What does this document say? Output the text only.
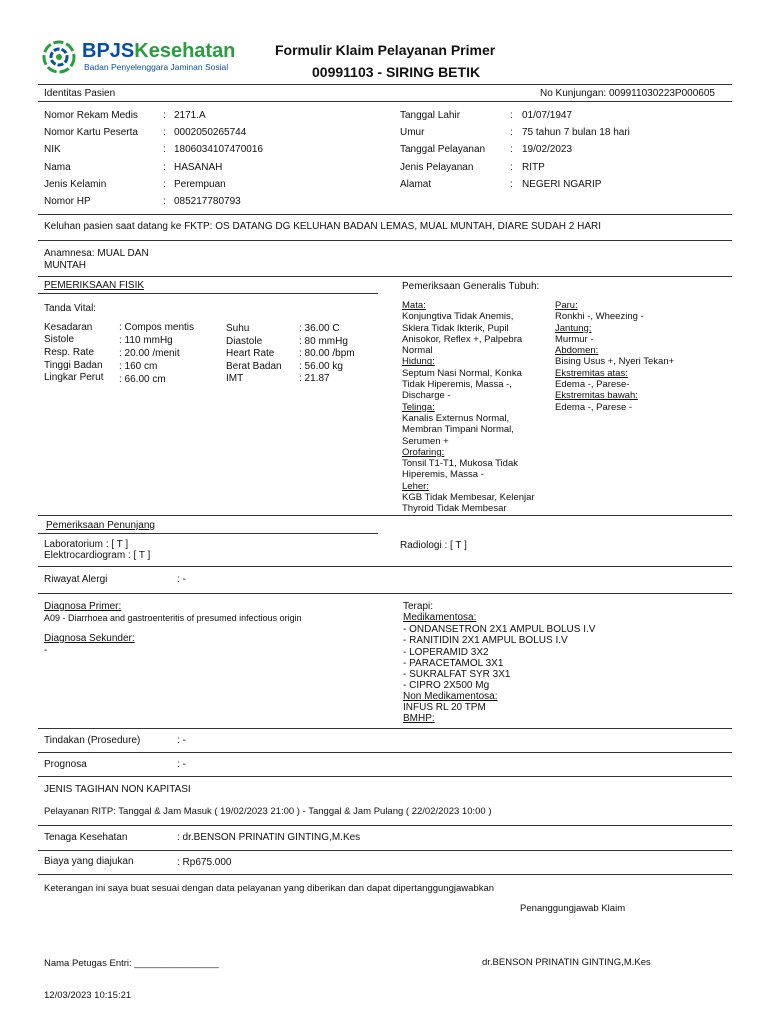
BPJSKesehatan
Badan Penyelenggara Jaminan Sosial
Formulir Klaim Pelayanan Primer
00991103 - SIRING BETIK
Identitas Pasien	No Kunjungan: 009911030223P000605
Nomor Rekam Medis	: 2171.A
Nomor Kartu Peserta	: 0002050265744
NIK	: 1806034107470016
Nama	: HASANAH
Jenis Kelamin	: Perempuan
Nomor HP	: 085217780793
Tanggal Lahir	: 01/07/1947
Umur	: 75 tahun 7 bulan 18 hari
Tanggal Pelayanan : 19/02/2023
Jenis Pelayanan	: RITP
Alamat	: NEGERI NGARIP
Keluhan pasien saat datang ke FKTP: OS DATANG DG KELUHAN BADAN LEMAS, MUAL MUNTAH, DIARE SUDAH 2 HARI
Anamnesa: MUAL DAN
MUNTAH
PEMERIKSAAN FISIK	Pemeriksaan Generalis Tubuh:
Tanda Vital:
Kesadaran	: Compos mentis
Sistole	: 110 mmHg
Resp. Rate : 20.00 /menit
Tinggi Badan : 160 cm
Lingkar Perut : 66.00 cm
Suhu	: 36.00 C
Diastole	: 80 mmHg
Heart Rate : 80.00 /bpm
Berat Badan : 56.00 kg
IMT	: 21.87
Mata:
Konjungtiva Tidak Anemis,
Sklera Tidak Ikterik, Pupil
Anisokor, Reflex +, Palpebra
Normal
Hidung:
Septum Nasi Normal, Konka
Tidak Hiperemis, Massa -,
Discharge -
Telinga:
Kanalis Externus Normal,
Membran Timpani Normal,
Serumen +
Orofaring:
Tonsil T1-T1, Mukosa Tidak
Hiperemis, Massa -
Leher:
KGB Tidak Membesar, Kelenjar
Thyroid Tidak Membesar
Paru:
Ronkhi -, Wheezing -
Jantung:
Murmur -
Abdomen:
Bising Usus +, Nyeri Tekan+
Ekstremitas atas:
Edema -, Parese-
Ekstremitas bawah:
Edema -, Parese -
Pemeriksaan Penunjang
Laboratorium : [ T ]
Elektrocardiogram : [ T ]
Radiologi : [ T ]
Riwayat Alergi	: -
Diagnosa Primer:
A09 - Diarrhoea and gastroenteritis of presumed infectious origin
Diagnosa Sekunder:
-
Terapi:
Medikamentosa:
- ONDANSETRON 2X1 AMPUL BOLUS I.V
- RANITIDIN 2X1 AMPUL BOLUS I.V
- LOPERAMID 3X2
- PARACETAMOL 3X1
- SUKRALFAT SYR 3X1
- CIPRO 2X500 Mg
Non Medikamentosa:
INFUS RL 20 TPM
BMHP:
Tindakan (Prosedure)	: -
Prognosa	: -
JENIS TAGIHAN NON KAPITASI
Pelayanan RITP: Tanggal & Jam Masuk ( 19/02/2023 21:00 ) - Tanggal & Jam Pulang ( 22/02/2023 10:00 )
Tenaga Kesehatan	: dr.BENSON PRINATIN GINTING,M.Kes
Biaya yang diajukan	: Rp675.000
Keterangan ini saya buat sesuai dengan data pelayanan yang diberikan dan dapat dipertanggungjawabkan
Penanggungjawab Klaim
Nama Petugas Entri: ________________	dr.BENSON PRINATIN GINTING,M.Kes
12/03/2023 10:15:21
